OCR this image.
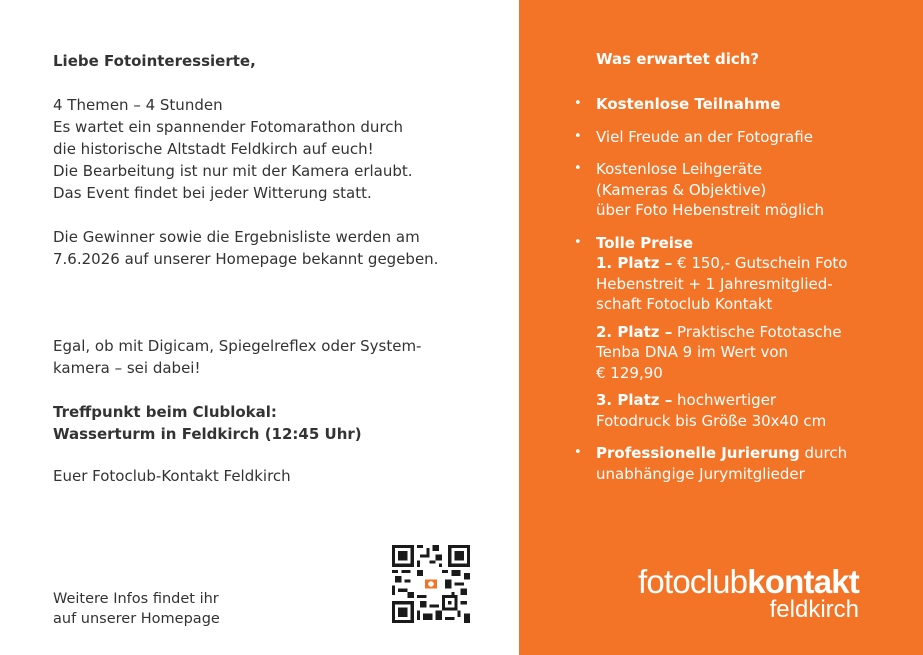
Liebe Fotointeressierte,
4 Themen – 4 Stunden
Es wartet ein spannender Fotomarathon durch
die historische Altstadt Feldkirch auf euch!
Die Bearbeitung ist nur mit der Kamera erlaubt.
Das Event findet bei jeder Witterung statt.
Die Gewinner sowie die Ergebnisliste werden am
7.6.2026 auf unserer Homepage bekannt gegeben.
Egal, ob mit Digicam, Spiegelreflex oder System-
kamera – sei dabei!
Treffpunkt beim Clublokal:
Wasserturm in Feldkirch (12:45 Uhr)
Euer Fotoclub-Kontakt Feldkirch
Weitere Infos findet ihr
auf unserer Homepage
Was erwartet dich?
• Kostenlose Teilnahme
• Viel Freude an der Fotografie
• Kostenlose Leihgeräte
(Kameras & Objektive)
über Foto Hebenstreit möglich
• Tolle Preise
1. Platz – € 150,- Gutschein Foto
Hebenstreit + 1 Jahresmitglied-
schaft Fotoclub Kontakt
2. Platz – Praktische Fototasche
Tenba DNA 9 im Wert von
€ 129,90
3. Platz – hochwertiger
Fotodruck bis Größe 30x40 cm
• Professionelle Jurierung durch
unabhängige Jurymitglieder
fotoclubkontakt
feldkirch
